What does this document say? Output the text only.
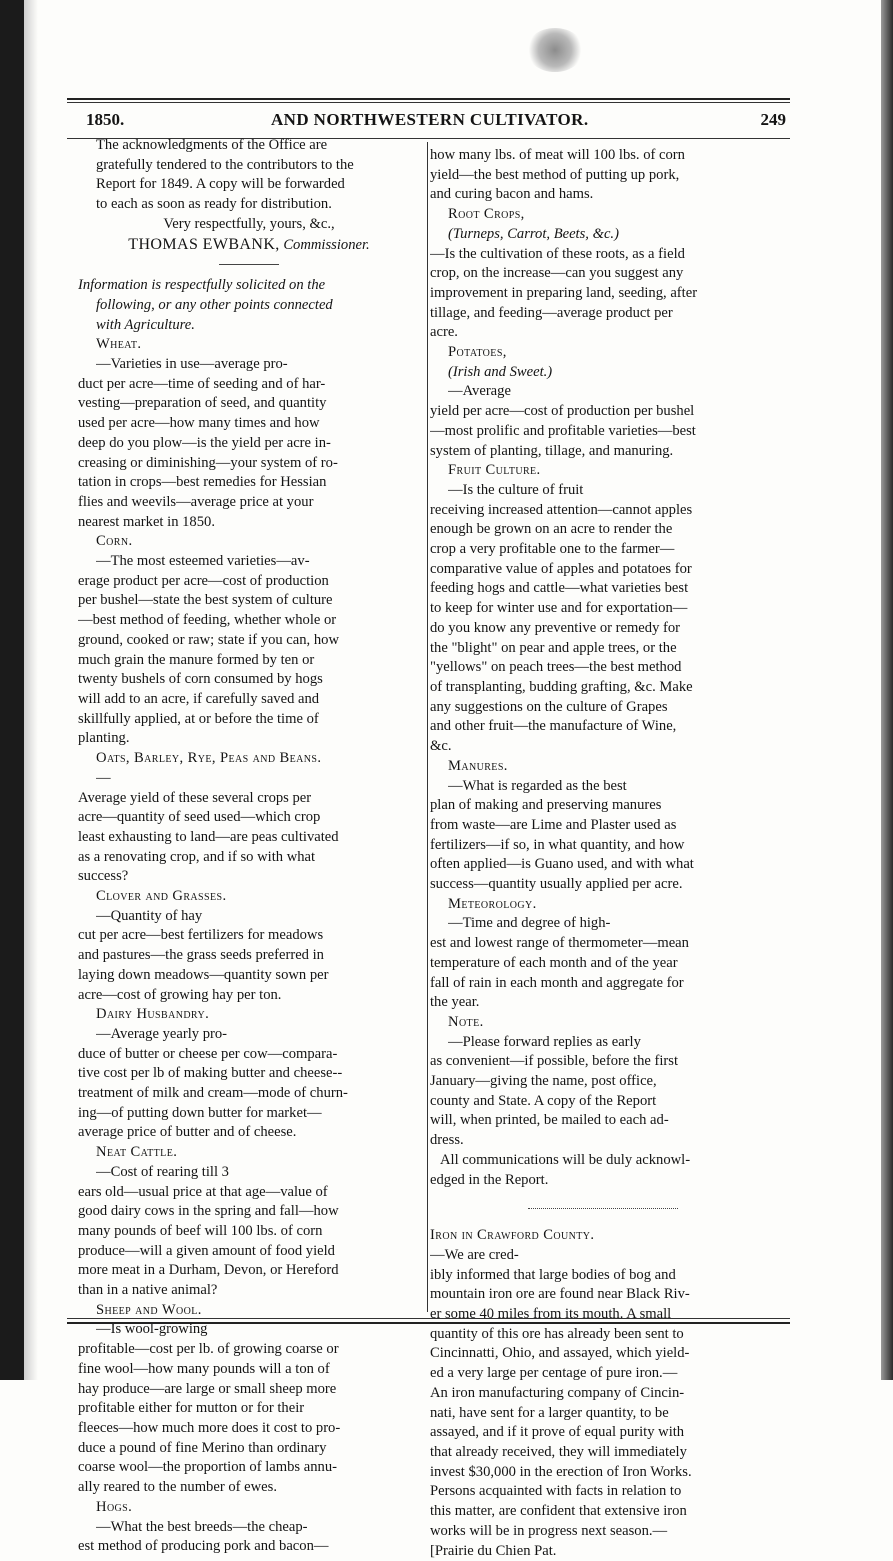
1850.	AND NORTHWESTERN CULTIVATOR.	249
The acknowledgments of the Office are
gratefully tendered to the contributors to the
Report for 1849. A copy will be forwarded
to each as soon as ready for distribution.

Very respectfully, yours, &c.,

THOMAS EWBANK, Commissioner.

Information is respectfully solicited on the
following, or any other points connected
with Agriculture.
Wheat.
—Varieties in use—average pro-
duct per acre—time of seeding and of har-
vesting—preparation of seed, and quantity
used per acre—how many times and how
deep do you plow—is the yield per acre in-
creasing or diminishing—your system of ro-
tation in crops—best remedies for Hessian
flies and weevils—average price at your
nearest market in 1850.
Corn.
—The most esteemed varieties—av-
erage product per acre—cost of production
per bushel—state the best system of culture
—best method of feeding, whether whole or
ground, cooked or raw; state if you can, how
much grain the manure formed by ten or
twenty bushels of corn consumed by hogs
will add to an acre, if carefully saved and
skillfully applied, at or before the time of
planting.
Oats, Barley, Rye, Peas and Beans.
—
Average yield of these several crops per
acre—quantity of seed used—which crop
least exhausting to land—are peas cultivated
as a renovating crop, and if so with what
success?
Clover and Grasses.
—Quantity of hay
cut per acre—best fertilizers for meadows
and pastures—the grass seeds preferred in
laying down meadows—quantity sown per
acre—cost of growing hay per ton.
Dairy Husbandry.
—Average yearly pro-
duce of butter or cheese per cow—compara-
tive cost per lb of making butter and cheese--
treatment of milk and cream—mode of churn-
ing—of putting down butter for market—
average price of butter and of cheese.
Neat Cattle.
—Cost of rearing till 3
ears old—usual price at that age—value of
good dairy cows in the spring and fall—how
many pounds of beef will 100 lbs. of corn
produce—will a given amount of food yield
more meat in a Durham, Devon, or Hereford
than in a native animal?
Sheep and Wool.
—Is wool-growing
profitable—cost per lb. of growing coarse or
fine wool—how many pounds will a ton of
hay produce—are large or small sheep more
profitable either for mutton or for their
fleeces—how much more does it cost to pro-
duce a pound of fine Merino than ordinary
coarse wool—the proportion of lambs annu-
ally reared to the number of ewes.
Hogs.
—What the best breeds—the cheap-
est method of producing pork and bacon—
how many lbs. of meat will 100 lbs. of corn
yield—the best method of putting up pork,
and curing bacon and hams.
Root Crops,
(Turneps, Carrot, Beets, &c.)
—Is the cultivation of these roots, as a field
crop, on the increase—can you suggest any
improvement in preparing land, seeding, after
tillage, and feeding—average product per
acre.
Potatoes,
(Irish and Sweet.)
—Average
yield per acre—cost of production per bushel
—most prolific and profitable varieties—best
system of planting, tillage, and manuring.
Fruit Culture.
—Is the culture of fruit
receiving increased attention—cannot apples
enough be grown on an acre to render the
crop a very profitable one to the farmer—
comparative value of apples and potatoes for
feeding hogs and cattle—what varieties best
to keep for winter use and for exportation—
do you know any preventive or remedy for
the "blight" on pear and apple trees, or the
"yellows" on peach trees—the best method
of transplanting, budding grafting, &c. Make
any suggestions on the culture of Grapes
and other fruit—the manufacture of Wine,
&c.
Manures.
—What is regarded as the best
plan of making and preserving manures
from waste—are Lime and Plaster used as
fertilizers—if so, in what quantity, and how
often applied—is Guano used, and with what
success—quantity usually applied per acre.
Meteorology.
—Time and degree of high-
est and lowest range of thermometer—mean
temperature of each month and of the year
fall of rain in each month and aggregate for
the year.
Note.
—Please forward replies as early
as convenient—if possible, before the first
January—giving the name, post office,
county and State. A copy of the Report
will, when printed, be mailed to each ad-
dress.
All communications will be duly acknowl-
edged in the Report.
Iron in Crawford County.
—We are cred-
ibly informed that large bodies of bog and
mountain iron ore are found near Black Riv-
er some 40 miles from its mouth. A small
quantity of this ore has already been sent to
Cincinnatti, Ohio, and assayed, which yield-
ed a very large per centage of pure iron.—
An iron manufacturing company of Cincin-
nati, have sent for a larger quantity, to be
assayed, and if it prove of equal purity with
that already received, they will immediately
invest $30,000 in the erection of Iron Works.
Persons acquainted with facts in relation to
this matter, are confident that extensive iron
works will be in progress next season.—
[Prairie du Chien Pat.
